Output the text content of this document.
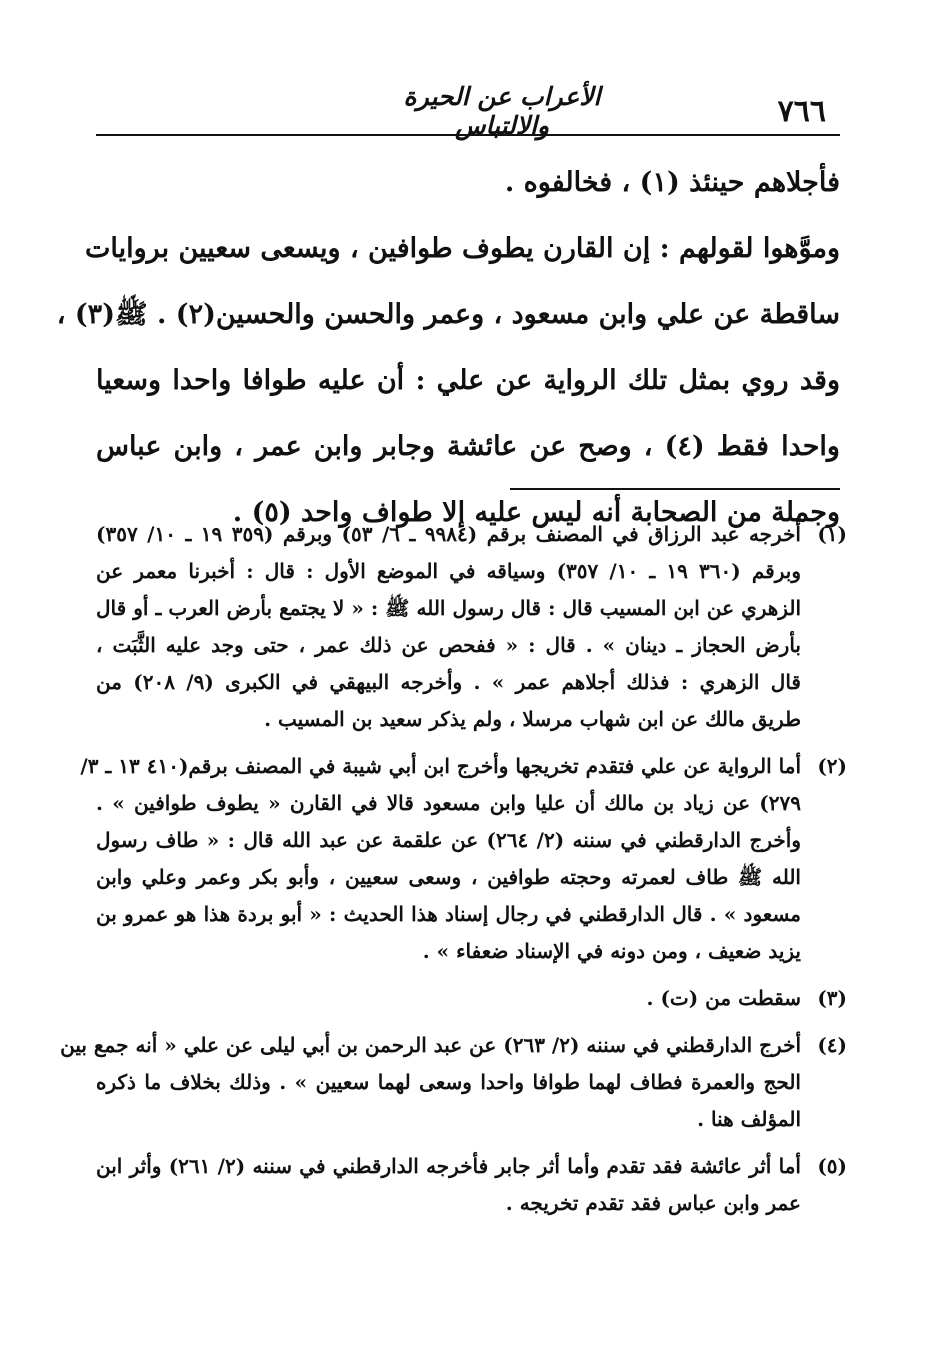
الأعراب عن الحيرة والالتباس	٧٦٦
فأجلاهم حينئذ (١) ، فخالفوه .
وموَّهوا لقولهم : إن القارن يطوف طوافين ، ويسعى سعيين بروايات
ساقطة عن علي وابن مسعود ، وعمر والحسن والحسين(٢) . ﷺ(٣) ،
وقد روي بمثل تلك الرواية عن علي : أن عليه طوافا واحدا وسعيا
واحدا فقط (٤) ، وصح عن عائشة وجابر وابن عمر ، وابن عباس
وجملة من الصحابة أنه ليس عليه إلا طواف واحد (٥) .
(١)
أخرجه عبد الرزاق في المصنف برقم (٩٩٨٤ ـ ٦/ ٥٣) وبرقم (٣٥٩ ١٩ ـ ١٠/ ٣٥٧)
وبرقم (٣٦٠ ١٩ ـ ١٠/ ٣٥٧) وسياقه في الموضع الأول : قال : أخبرنا معمر عن
الزهري عن ابن المسيب قال : قال رسول الله ﷺ : « لا يجتمع بأرض العرب ـ أو قال
بأرض الحجاز ـ دينان » . قال : « ففحص عن ذلك عمر ، حتى وجد عليه الثَّبَت ،
قال الزهري : فذلك أجلاهم عمر » . وأخرجه البيهقي في الكبرى (٩/ ٢٠٨) من
طريق مالك عن ابن شهاب مرسلا ، ولم يذكر سعيد بن المسيب .
(٢)
أما الرواية عن علي فتقدم تخريجها وأخرج ابن أبي شيبة في المصنف برقم(٤١٠ ١٣ ـ ٣/
٢٧٩) عن زياد بن مالك أن عليا وابن مسعود قالا في القارن « يطوف طوافين » .
وأخرج الدارقطني في سننه (٢/ ٢٦٤) عن علقمة عن عبد الله قال : « طاف رسول
الله ﷺ طاف لعمرته وحجته طوافين ، وسعى سعيين ، وأبو بكر وعمر وعلي وابن
مسعود » . قال الدارقطني في رجال إسناد هذا الحديث : « أبو بردة هذا هو عمرو بن
يزيد ضعيف ، ومن دونه في الإسناد ضعفاء » .
(٣)
سقطت من (ت) .
(٤)
أخرج الدارقطني في سننه (٢/ ٢٦٣) عن عبد الرحمن بن أبي ليلى عن علي « أنه جمع بين
الحج والعمرة فطاف لهما طوافا واحدا وسعى لهما سعيين » . وذلك بخلاف ما ذكره
المؤلف هنا .
(٥)
أما أثر عائشة فقد تقدم وأما أثر جابر فأخرجه الدارقطني في سننه (٢/ ٢٦١) وأثر ابن
عمر وابن عباس فقد تقدم تخريجه .
